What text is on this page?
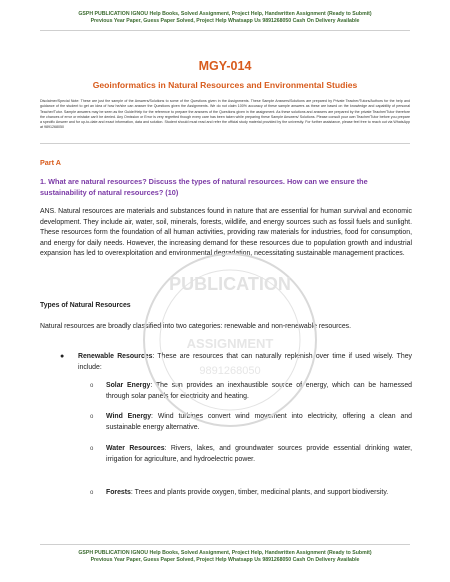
GSPH PUBLICATION IGNOU Help Books, Solved Assignment, Project Help, Handwritten Assignment (Ready to Submit)
Previous Year Paper, Guess Paper Solved, Project Help Whatsapp Us 9891268050 Cash On Delivery Available
MGY-014
Geoinformatics in Natural Resources and Environmental Studies
Disclaimer/Special Note: These are just the sample of the Answers/Solutions to some of the Questions given in the Assignments. These Sample Answers/Solutions are prepared by Private Teacher/Tutors/Authors for the help and guidance of the student to get an idea of how he/she can answer the Questions given the Assignments. We do not claim 100% accuracy of these sample answers as these are based on the knowledge and capability of personal Teacher/Tutor. Sample answers may be seen as the Guide/Help for the reference to prepare the answers of the Questions given in the assignment. As these solutions and answers are prepared by the private Teacher/Tutor therefore the chances of error or mistake can't be denied. Any Omission or Error is very regretted though every care has been taken while preparing these Sample Answers/ Solutions. Please consult your own Teacher/Tutor before you prepare a specific Answer and for up-to-date and exact information, data and solution. Student should must read and refer the official study material provided by the university. For further assistance, please feel free to reach out via WhatsApp at 9891268050
Part A
1. What are natural resources? Discuss the types of natural resources. How can we ensure the sustainability of natural resources? (10)
ANS. Natural resources are materials and substances found in nature that are essential for human survival and economic development. They include air, water, soil, minerals, forests, wildlife, and energy sources such as fossil fuels and sunlight. These resources form the foundation of all human activities, providing raw materials for industries, food for consumption, and energy for daily needs. However, the increasing demand for these resources due to population growth and industrial expansion has led to overexploitation and environmental degradation, necessitating sustainable management practices.
Types of Natural Resources
Natural resources are broadly classified into two categories: renewable and non-renewable resources.
● Renewable Resources: These are resources that can naturally replenish over time if used wisely. They include:
o Solar Energy: The sun provides an inexhaustible source of energy, which can be harnessed through solar panels for electricity and heating.
o Wind Energy: Wind turbines convert wind movement into electricity, offering a clean and sustainable energy alternative.
o Water Resources: Rivers, lakes, and groundwater sources provide essential drinking water, irrigation for agriculture, and hydroelectric power.
o Forests: Trees and plants provide oxygen, timber, medicinal plants, and support biodiversity.
PUBLICATION
ASSIGNMENT
9891268050
GSPH PUBLICATION IGNOU Help Books, Solved Assignment, Project Help, Handwritten Assignment (Ready to Submit)
Previous Year Paper, Guess Paper Solved, Project Help Whatsapp Us 9891268050 Cash On Delivery Available
